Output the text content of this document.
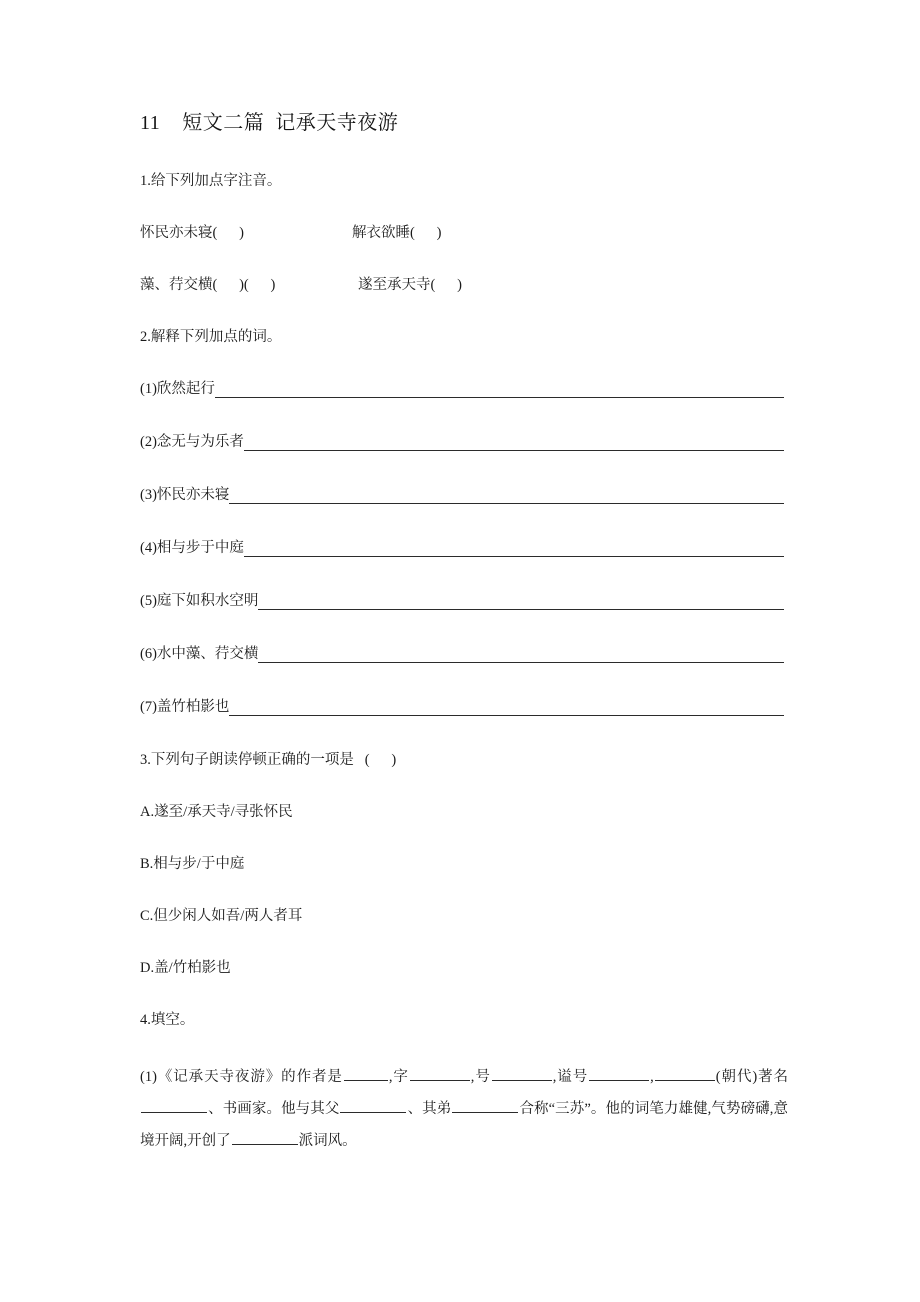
11    短文二篇  记承天寺夜游

1.给下列加点字注音。

怀民亦未寝(      )

	解衣欲睡(      )

藻、荇交横(      )(      )

	遂至承天寺(      )

2.解释下列加点的词。

(1)欣然起行
(2)念无与为乐者
(3)怀民亦未寝
(4)相与步于中庭
(5)庭下如积水空明
(6)水中藻、荇交横
(7)盖竹柏影也

3.下列句子朗读停顿正确的一项是   (      )

A.遂至/承天寺/寻张怀民

B.相与步/于中庭

C.但少闲人如吾/两人者耳

D.盖/竹柏影也

4.填空。

(1)《记承天寺夜游》的作者是	,字	,号	,谥号	,	(朝代)著名、书画家。他与其父	、其弟	合称“三苏”。他的词笔力雄健,气势磅礴,意境开阔,开创了	派词风。
